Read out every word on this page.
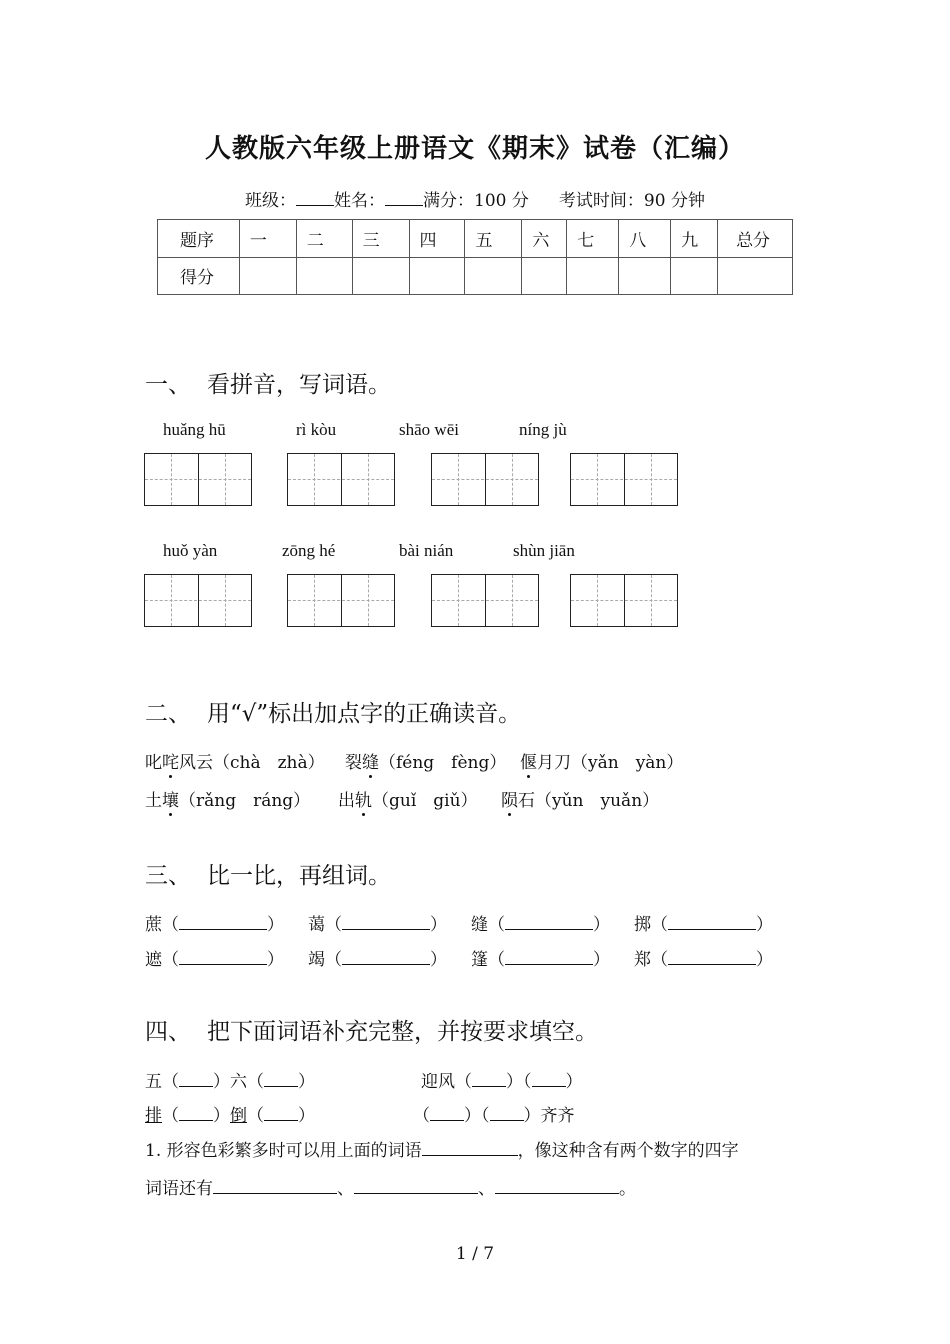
人教版六年级上册语文《期末》试卷（汇编）
班级： 姓名： 满分：100 分 考试时间：90 分钟
题序	一	二	三	四	五	六	七	八	九	总分
得分										
一、 看拼音，写词语。
huǎng hū	rì kòu	shāo wēi	níng jù
huǒ yàn	zōng hé	bài nián	shùn jiān
二、 用“√”标出加点字的正确读音。
叱咤风云（chà　zhà） 裂缝（féng　fèng） 偃月刀（yǎn　yàn）
土壤（rǎng　ráng） 出轨（guǐ　giǔ） 陨石（yǔn　yuǎn）
三、 比一比，再组词。
蔗（	） 蔼（	） 缝（	） 掷（	）
遮（	） 竭（	） 篷（	） 郑（	）
四、 把下面词语补充完整，并按要求填空。
五（ ）六（ ）	迎风（ ）（ ）
排（ ）倒（ ）	（ ）（ ）齐齐
1. 形容色彩繁多时可以用上面的词语	，像这种含有两个数字的四字
词语还有	、	、	。
1 / 7
